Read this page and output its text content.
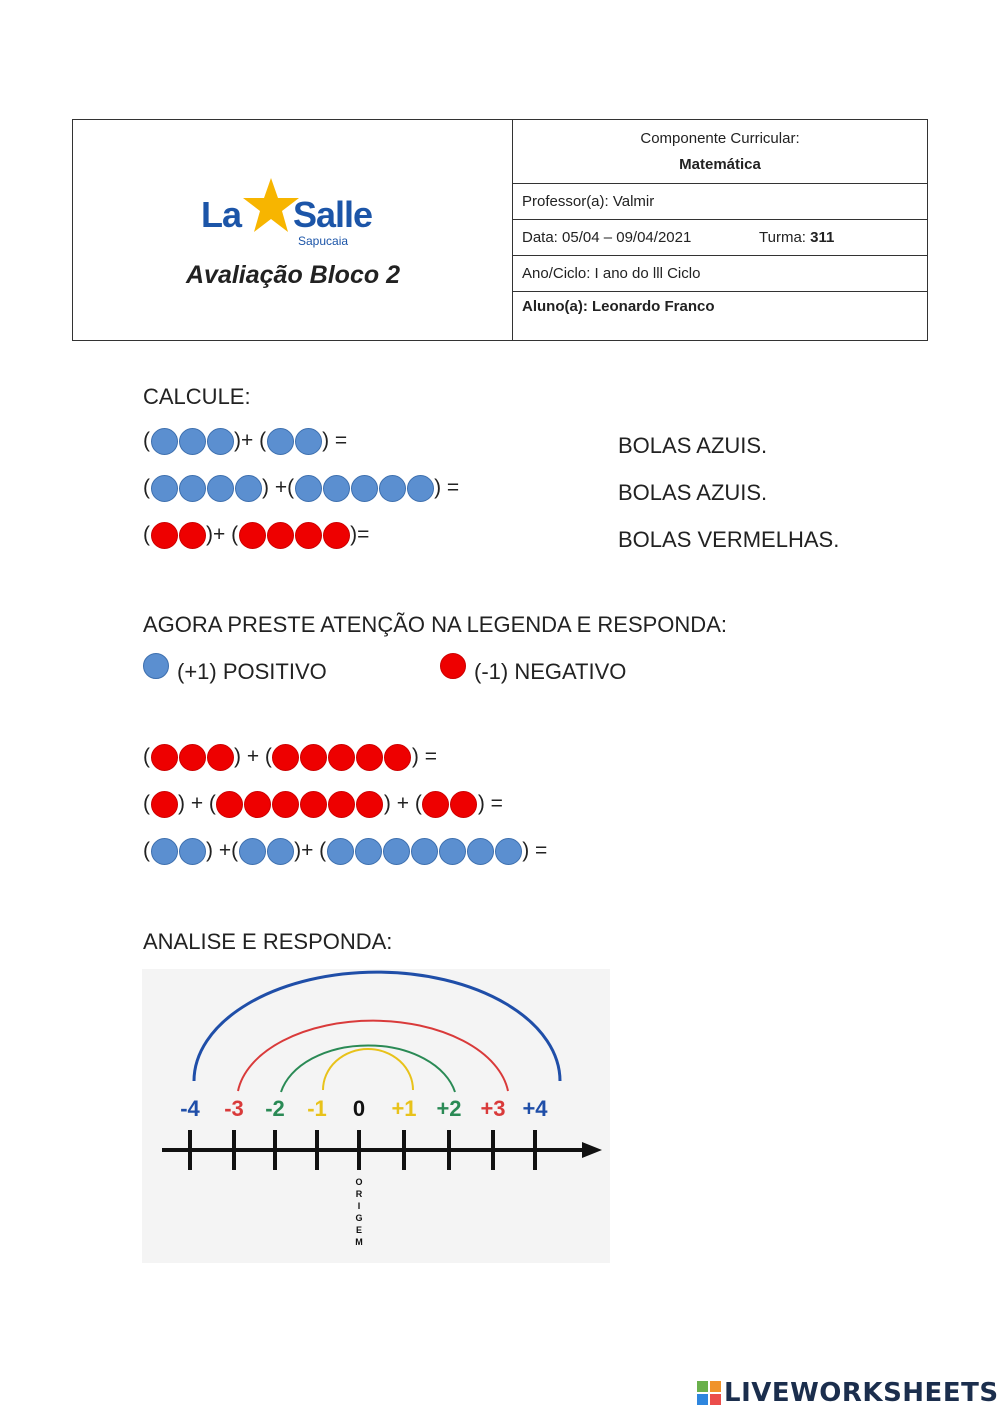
La Salle
Sapucaia
Avaliação Bloco 2
Componente Curricular:
Matemática
Professor(a): Valmir
Data: 05/04 – 09/04/2021	Turma: 311
Ano/Ciclo: I ano do lll Ciclo
Aluno(a): Leonardo Franco
CALCULE:
(	)+ (	) =	BOLAS AZUIS.
(	) +(	) =	BOLAS AZUIS.
(	)+ (	)=	BOLAS VERMELHAS.
AGORA PRESTE ATENÇÃO NA LEGENDA E RESPONDA:
(+1) POSITIVO	(-1) NEGATIVO
(	) + (	) =
( ) + (	) + (	) =
(	) +(	)+ (	) =
ANALISE E RESPONDA:
-4 -3 -2 -1 0 +1 +2 +3 +4
O R I G E M
LIVEWORKSHEETS
